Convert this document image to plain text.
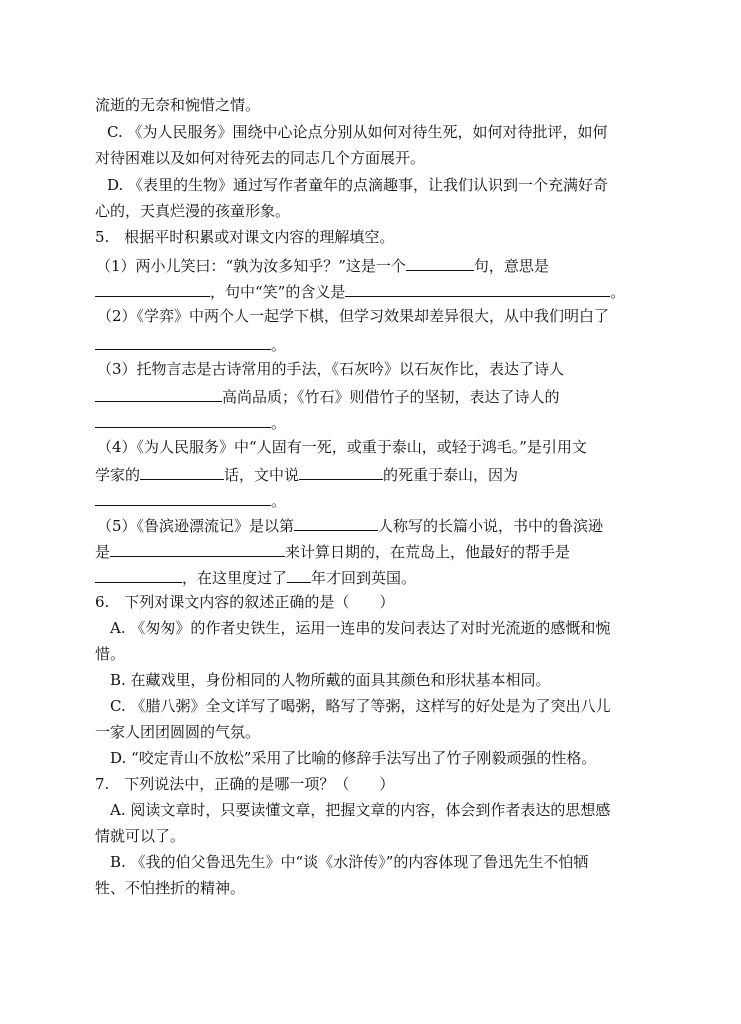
流逝的无奈和惋惜之情。
C. 《为人民服务》围绕中心论点分别从如何对待生死，如何对待批评，如何
对待困难以及如何对待死去的同志几个方面展开。
D. 《表里的生物》通过写作者童年的点滴趣事，让我们认识到一个充满好奇
心的，天真烂漫的孩童形象。
5.　根据平时积累或对课文内容的理解填空。
（1）两小儿笑曰：“孰为汝多知乎？”这是一个	句，意思是
，句中“笑”的含义是	。
（2）《学弈》中两个人一起学下棋，但学习效果却差异很大，从中我们明白了
。
（3）托物言志是古诗常用的手法，《石灰吟》以石灰作比，表达了诗人
高尚品质；《竹石》则借竹子的坚韧，表达了诗人的
。
（4）《为人民服务》中“人固有一死，或重于泰山，或轻于鸿毛。”是引用文
学家的	话，文中说	的死重于泰山，因为
。
（5）《鲁滨逊漂流记》是以第	人称写的长篇小说，书中的鲁滨逊
是	来计算日期的，在荒岛上，他最好的帮手是
，在这里度过了 年才回到英国。
6.　下列对课文内容的叙述正确的是（　　）
A. 《匆匆》的作者史铁生，运用一连串的发问表达了对时光流逝的感慨和惋
惜。
B. 在藏戏里，身份相同的人物所戴的面具其颜色和形状基本相同。
C. 《腊八粥》全文详写了喝粥，略写了等粥，这样写的好处是为了突出八儿
一家人团团圆圆的气氛。
D. “咬定青山不放松”采用了比喻的修辞手法写出了竹子刚毅顽强的性格。
7.　下列说法中，正确的是哪一项？（　　）
A. 阅读文章时，只要读懂文章，把握文章的内容，体会到作者表达的思想感
情就可以了。
B. 《我的伯父鲁迅先生》中“谈《水浒传》”的内容体现了鲁迅先生不怕牺
牲、不怕挫折的精神。
